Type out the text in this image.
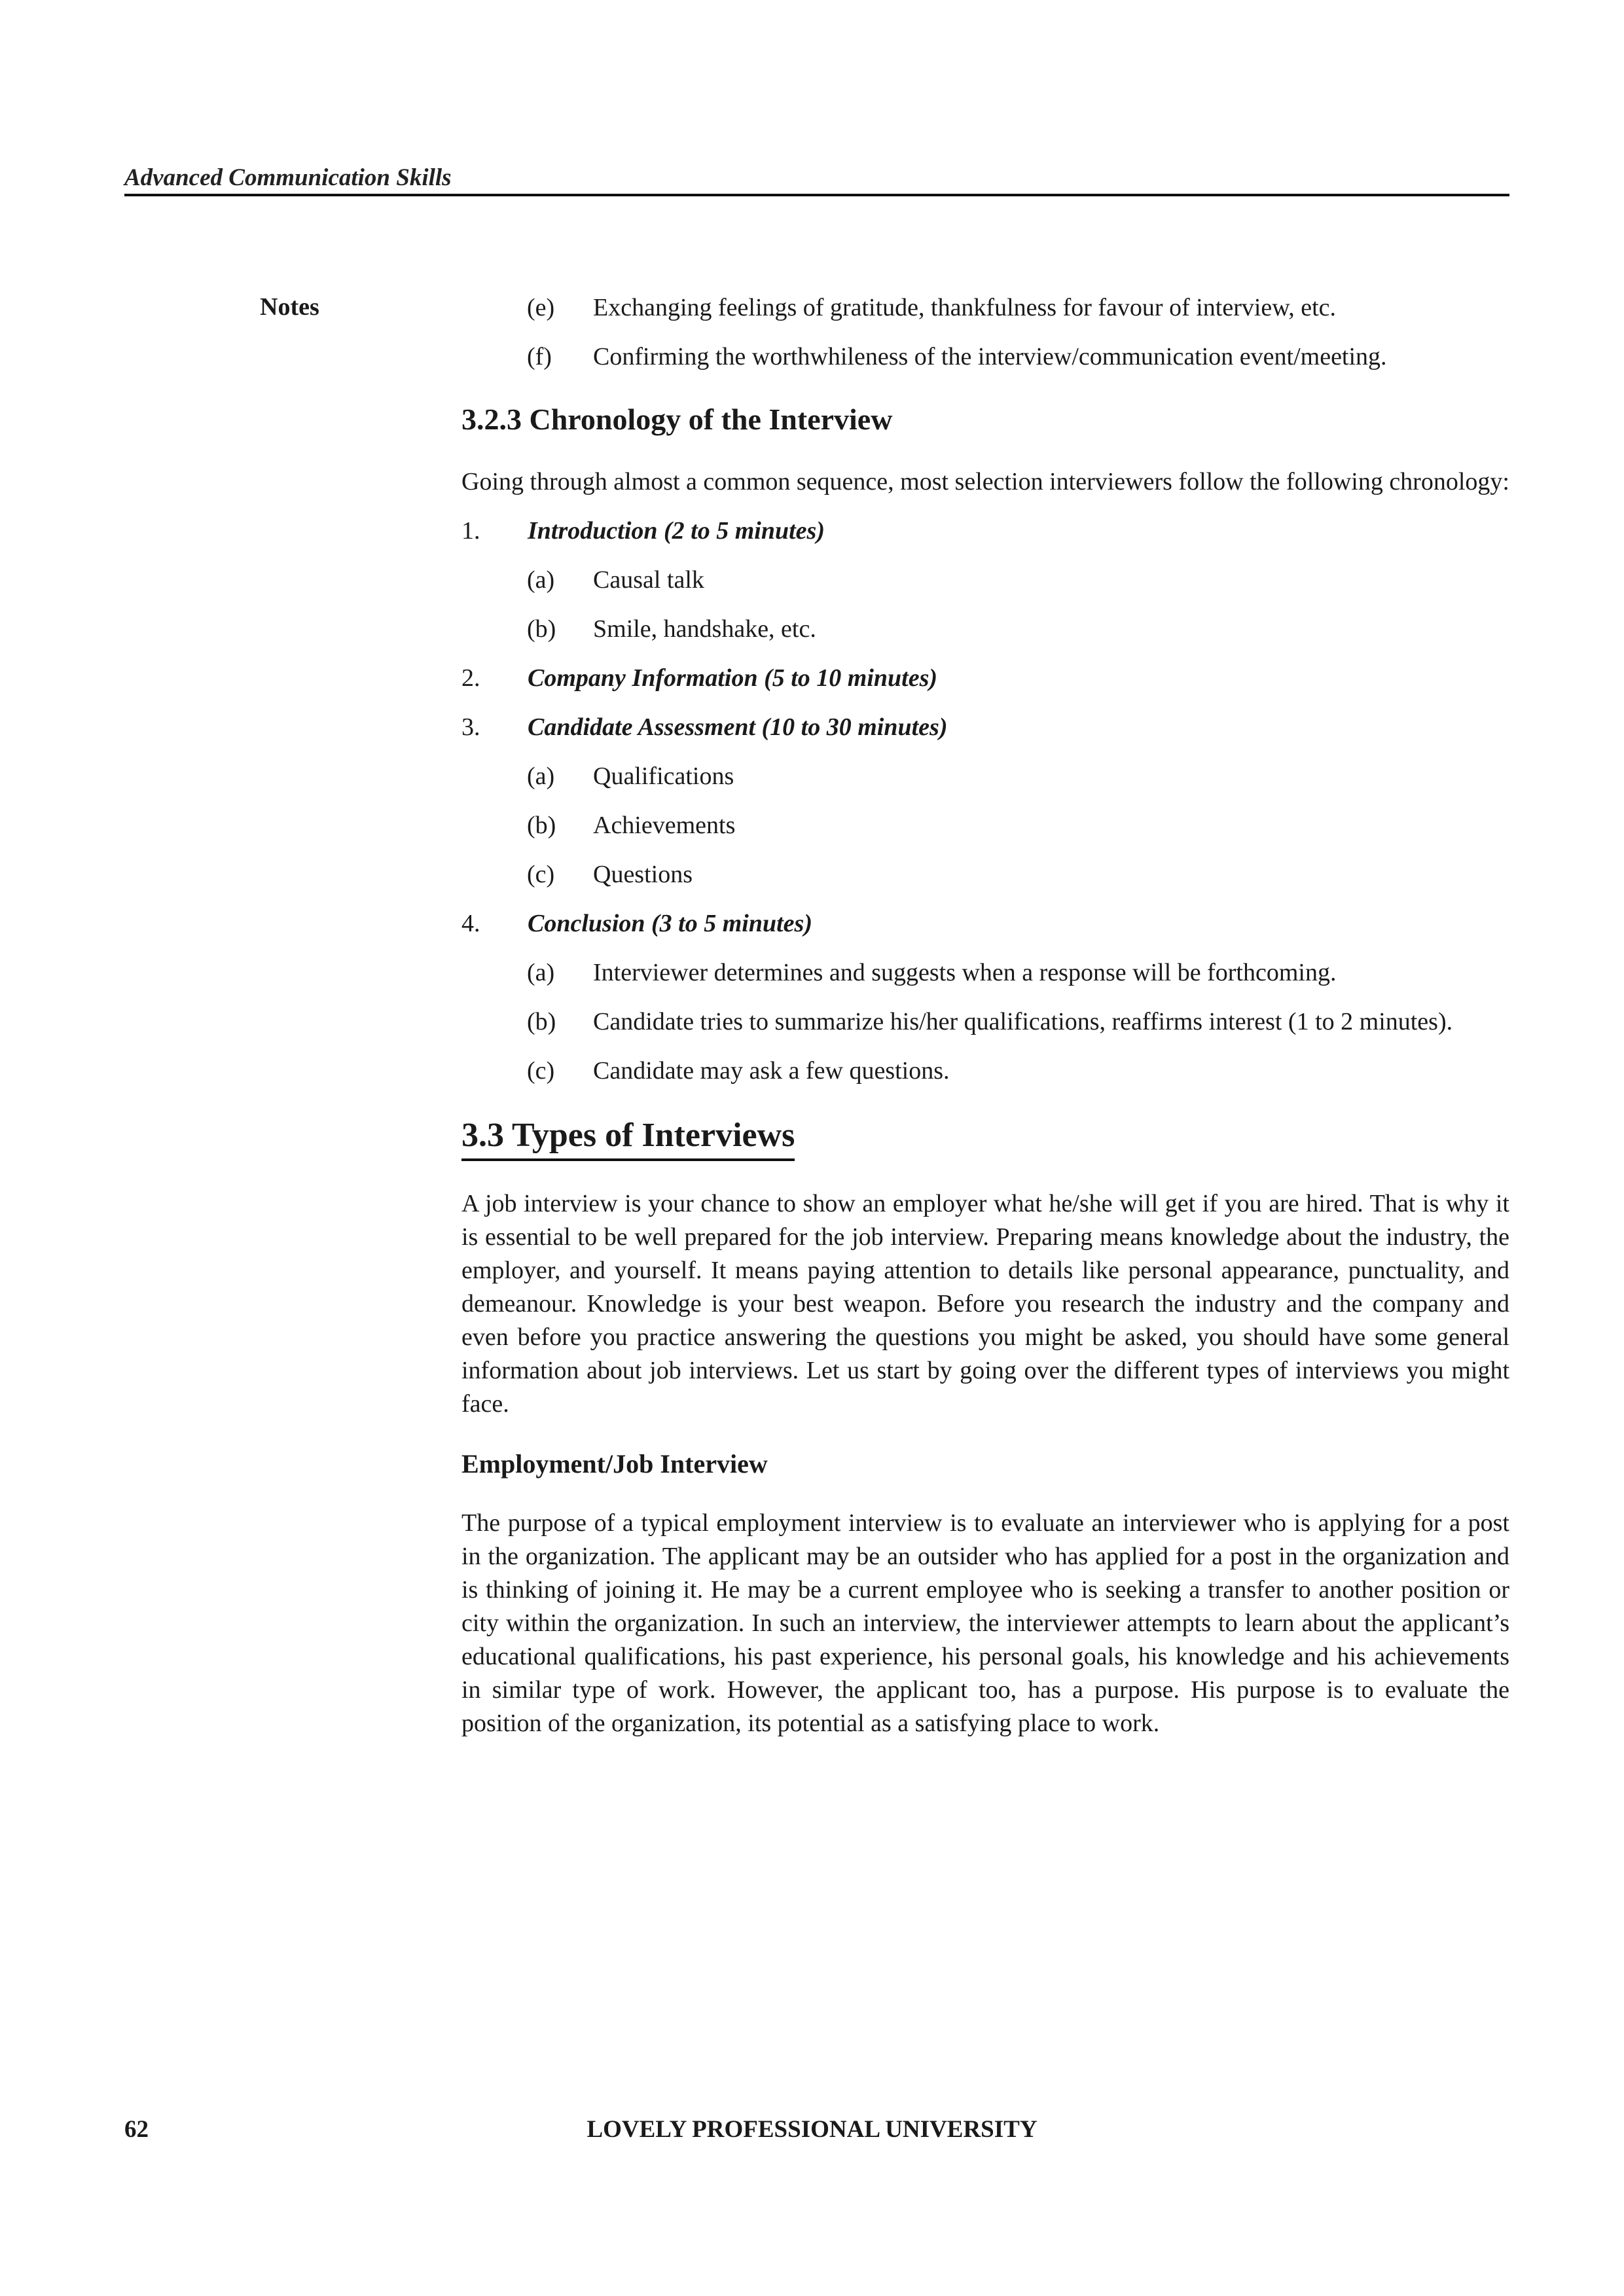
Advanced Communication Skills
Notes	(e)	Exchanging feelings of gratitude, thankfulness for favour of interview, etc.
(f)	Confirming the worthwhileness of the interview/communication event/meeting.
3.2.3 Chronology of the Interview
Going through almost a common sequence, most selection interviewers follow the following chronology:
1.	Introduction (2 to 5 minutes)
(a)	Causal talk
(b)	Smile, handshake, etc.
2.	Company Information (5 to 10 minutes)
3.	Candidate Assessment (10 to 30 minutes)
(a)	Qualifications
(b)	Achievements
(c)	Questions
4.	Conclusion (3 to 5 minutes)
(a)	Interviewer determines and suggests when a response will be forthcoming.
(b)	Candidate tries to summarize his/her qualifications, reaffirms interest (1 to 2 minutes).
(c)	Candidate may ask a few questions.
3.3 Types of Interviews
A job interview is your chance to show an employer what he/she will get if you are hired. That is why it is essential to be well prepared for the job interview. Preparing means knowledge about the industry, the employer, and yourself. It means paying attention to details like personal appearance, punctuality, and demeanour. Knowledge is your best weapon. Before you research the industry and the company and even before you practice answering the questions you might be asked, you should have some general information about job interviews. Let us start by going over the different types of interviews you might face.
Employment/Job Interview
The purpose of a typical employment interview is to evaluate an interviewer who is applying for a post in the organization. The applicant may be an outsider who has applied for a post in the organization and is thinking of joining it. He may be a current employee who is seeking a transfer to another position or city within the organization. In such an interview, the interviewer attempts to learn about the applicant’s educational qualifications, his past experience, his personal goals, his knowledge and his achievements in similar type of work. However, the applicant too, has a purpose. His purpose is to evaluate the position of the organization, its potential as a satisfying place to work.
62	LOVELY PROFESSIONAL UNIVERSITY
